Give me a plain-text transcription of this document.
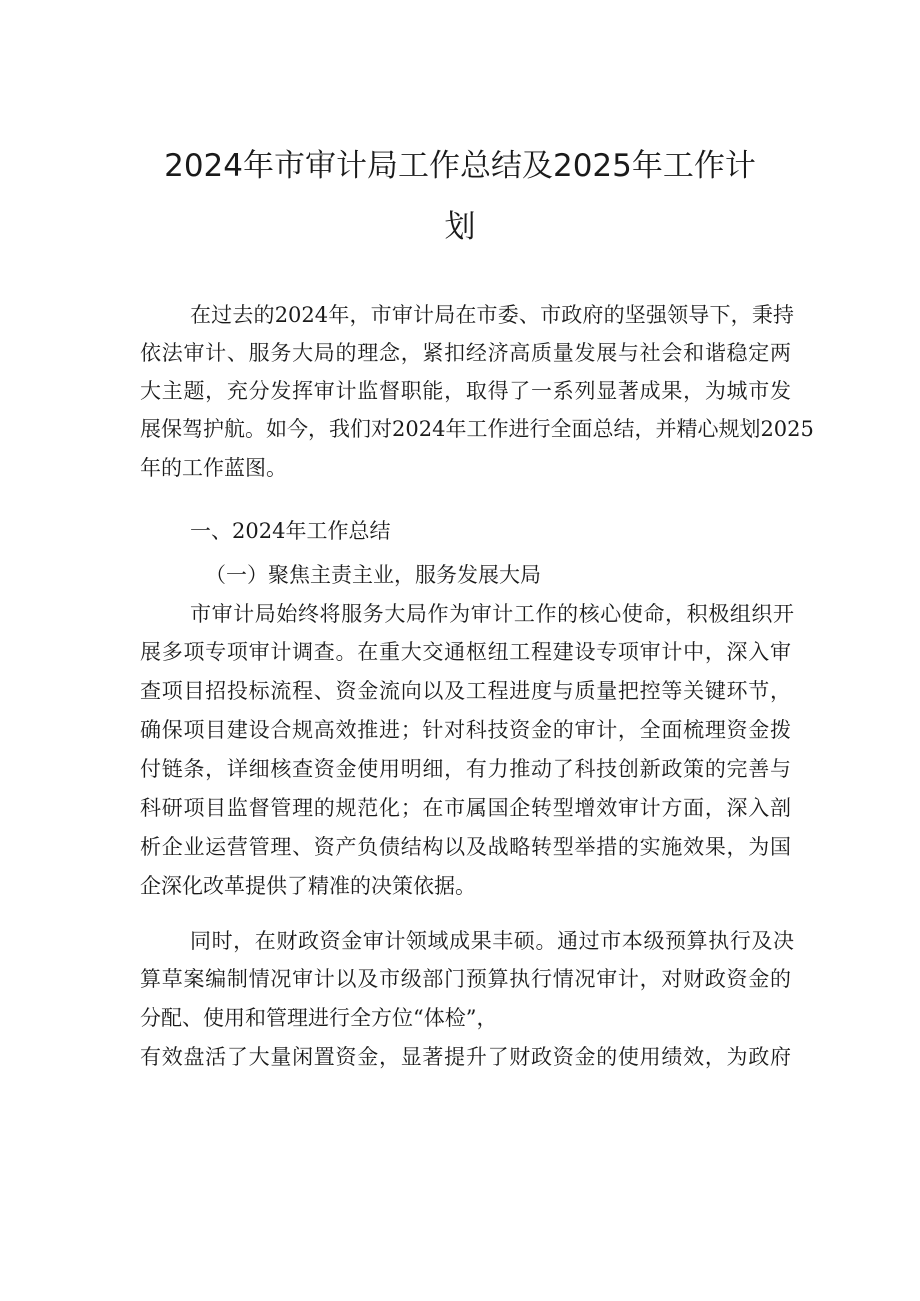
2024年市审计局工作总结及2025年工作计
划

在过去的2024年，市审计局在市委、市政府的坚强领导下，秉持

依法审计、服务大局的理念，紧扣经济高质量发展与社会和谐稳定两

大主题，充分发挥审计监督职能，取得了一系列显著成果，为城市发

展保驾护航。如今，我们对2024年工作进行全面总结，并精心规划2025

年的工作蓝图。

一、2024年工作总结

（一）聚焦主责主业，服务发展大局

市审计局始终将服务大局作为审计工作的核心使命，积极组织开

展多项专项审计调查。在重大交通枢纽工程建设专项审计中，深入审

查项目招投标流程、资金流向以及工程进度与质量把控等关键环节，

确保项目建设合规高效推进；针对科技资金的审计，全面梳理资金拨

付链条，详细核查资金使用明细，有力推动了科技创新政策的完善与

科研项目监督管理的规范化；在市属国企转型增效审计方面，深入剖

析企业运营管理、资产负债结构以及战略转型举措的实施效果，为国

企深化改革提供了精准的决策依据。

同时，在财政资金审计领域成果丰硕。通过市本级预算执行及决

算草案编制情况审计以及市级部门预算执行情况审计，对财政资金的

分配、使用和管理进行全方位“体检”，

有效盘活了大量闲置资金，显著提升了财政资金的使用绩效，为政府
